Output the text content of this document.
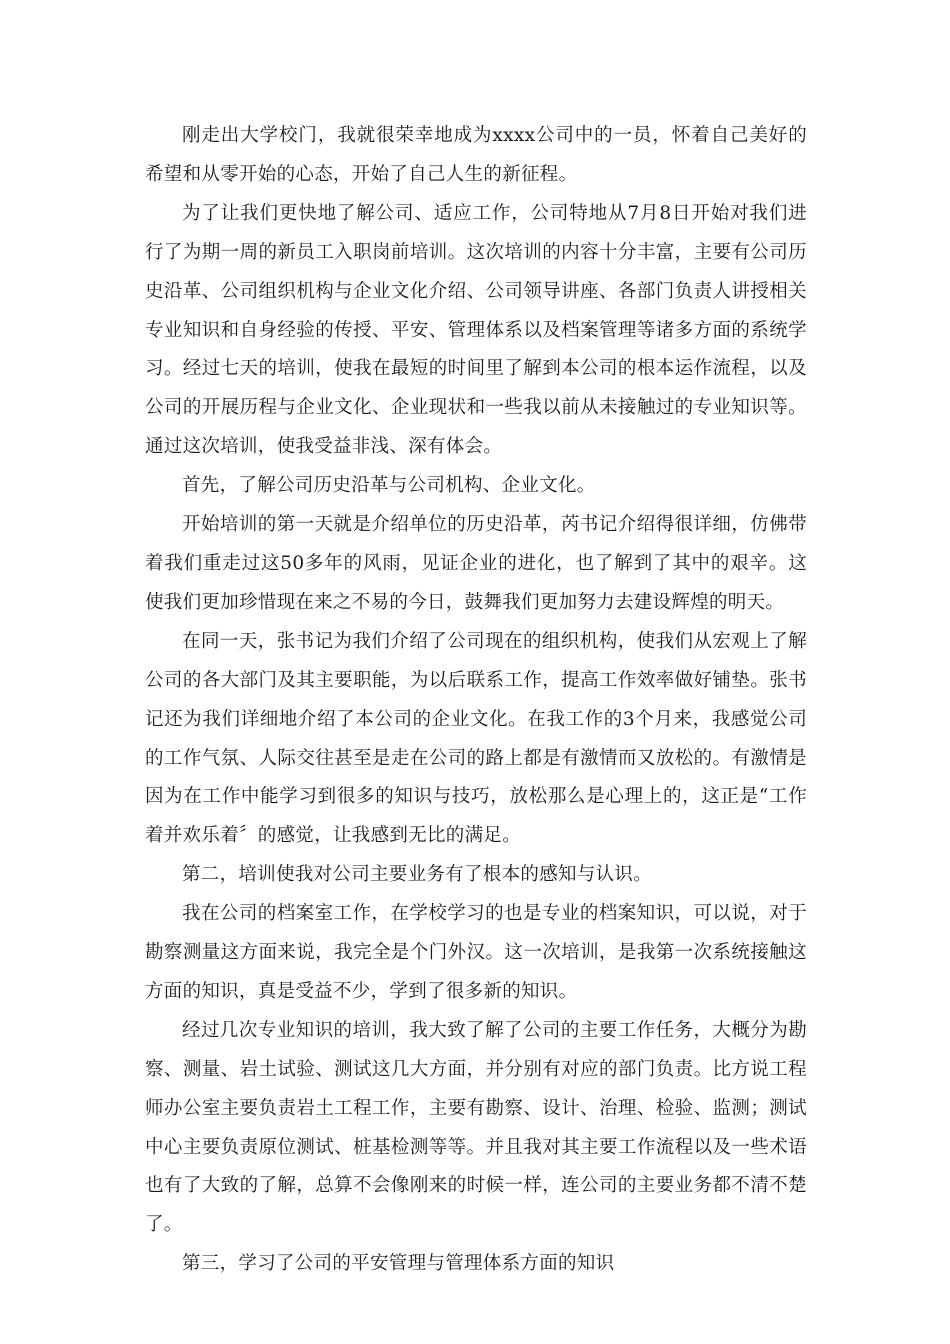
刚走出大学校门，我就很荣幸地成为xxxx公司中的一员，怀着自己美好的希望和从零开始的心态，开始了自己人生的新征程。

为了让我们更快地了解公司、适应工作，公司特地从7月8日开始对我们进行了为期一周的新员工入职岗前培训。这次培训的内容十分丰富，主要有公司历史沿革、公司组织机构与企业文化介绍、公司领导讲座、各部门负责人讲授相关专业知识和自身经验的传授、平安、管理体系以及档案管理等诸多方面的系统学习。经过七天的培训，使我在最短的时间里了解到本公司的根本运作流程，以及公司的开展历程与企业文化、企业现状和一些我以前从未接触过的专业知识等。通过这次培训，使我受益非浅、深有体会。

首先，了解公司历史沿革与公司机构、企业文化。

开始培训的第一天就是介绍单位的历史沿革，芮书记介绍得很详细，仿佛带着我们重走过这50多年的风雨，见证企业的进化，也了解到了其中的艰辛。这使我们更加珍惜现在来之不易的今日，鼓舞我们更加努力去建设辉煌的明天。

在同一天，张书记为我们介绍了公司现在的组织机构，使我们从宏观上了解公司的各大部门及其主要职能，为以后联系工作，提高工作效率做好铺垫。张书记还为我们详细地介绍了本公司的企业文化。在我工作的3个月来，我感觉公司的工作气氛、人际交往甚至是走在公司的路上都是有激情而又放松的。有激情是因为在工作中能学习到很多的知识与技巧，放松那么是心理上的，这正是“工作着并欢乐着〞的感觉，让我感到无比的满足。

第二，培训使我对公司主要业务有了根本的感知与认识。

我在公司的档案室工作，在学校学习的也是专业的档案知识，可以说，对于勘察测量这方面来说，我完全是个门外汉。这一次培训，是我第一次系统接触这方面的知识，真是受益不少，学到了很多新的知识。

经过几次专业知识的培训，我大致了解了公司的主要工作任务，大概分为勘察、测量、岩土试验、测试这几大方面，并分别有对应的部门负责。比方说工程师办公室主要负责岩土工程工作，主要有勘察、设计、治理、检验、监测；测试中心主要负责原位测试、桩基检测等等。并且我对其主要工作流程以及一些术语也有了大致的了解，总算不会像刚来的时候一样，连公司的主要业务都不清不楚了。

第三，学习了公司的平安管理与管理体系方面的知识
